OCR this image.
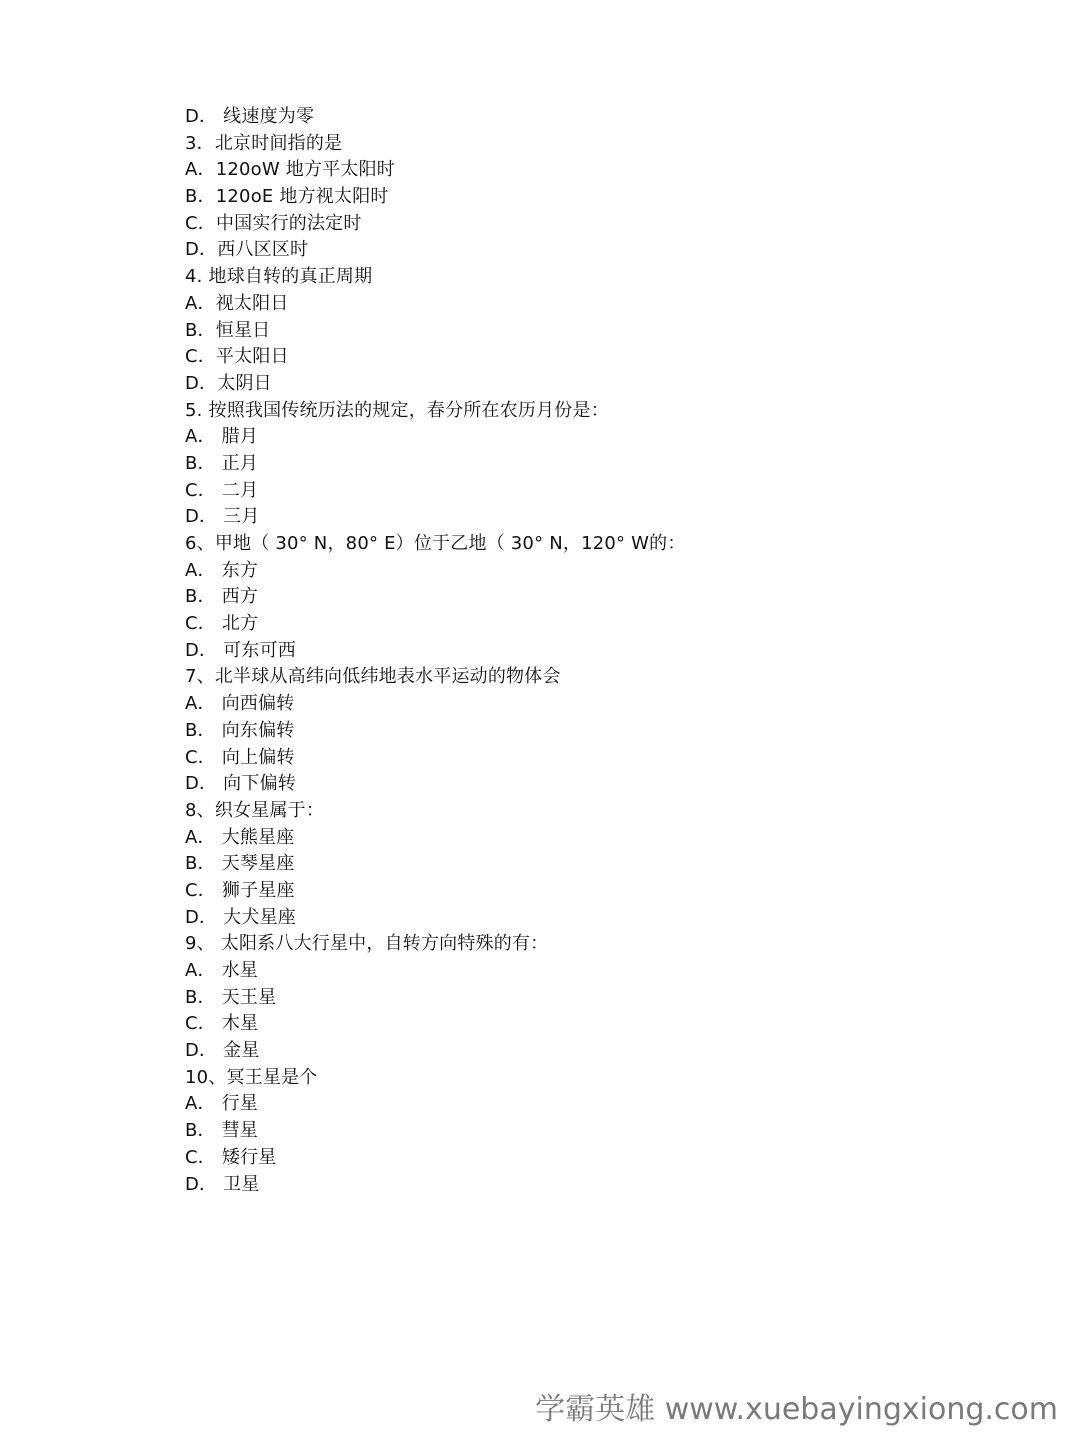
D． 线速度为零
3．北京时间指的是
A．120oW 地方平太阳时
B．120oE 地方视太阳时
C．中国实行的法定时
D．西八区区时
4. 地球自转的真正周期
A．视太阳日
B．恒星日
C．平太阳日
D．太阴日
5. 按照我国传统历法的规定，春分所在农历月份是：
A． 腊月
B． 正月
C． 二月
D． 三月
6、甲地（ 30° N，80° E）位于乙地（ 30° N，120° W的：
A． 东方
B． 西方
C． 北方
D． 可东可西
7、北半球从高纬向低纬地表水平运动的物体会
A． 向西偏转
B． 向东偏转
C． 向上偏转
D． 向下偏转
8、织女星属于：
A． 大熊星座
B． 天琴星座
C． 狮子星座
D． 大犬星座
9、 太阳系八大行星中，自转方向特殊的有：
A． 水星
B． 天王星
C． 木星
D． 金星
10、冥王星是个
A． 行星
B． 彗星
C． 矮行星
D． 卫星
学霸英雄 www.xuebayingxiong.com
